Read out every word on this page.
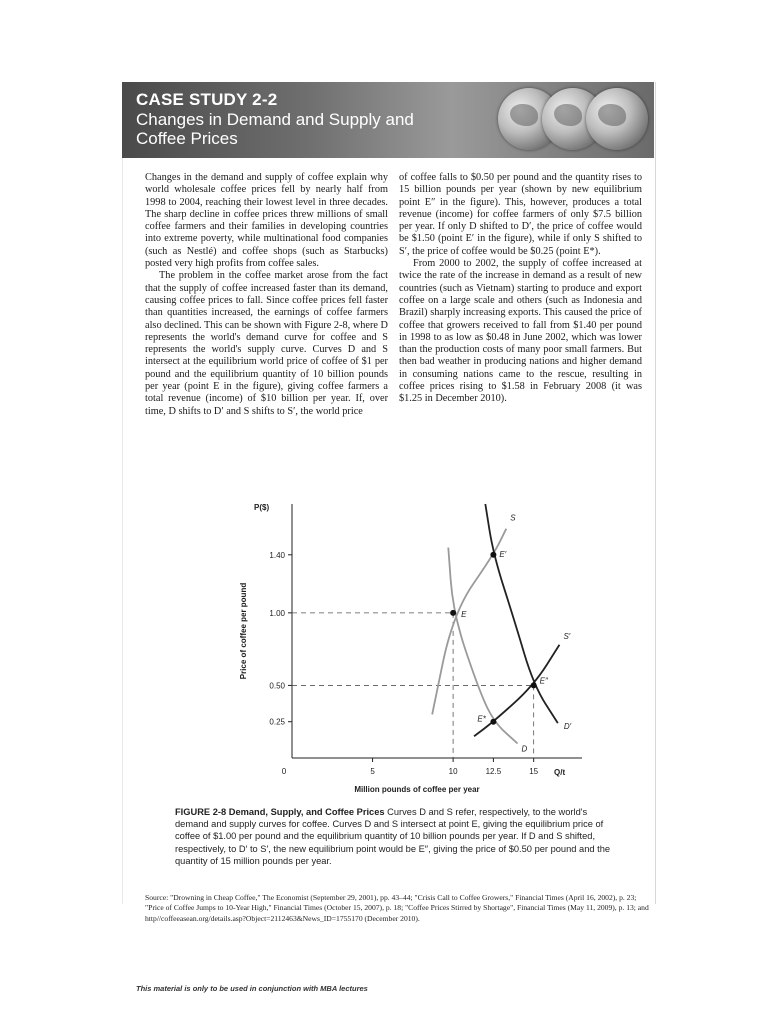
CASE STUDY 2-2
Changes in Demand and Supply and
Coffee Prices

Changes in the demand and supply of coffee explain why world wholesale coffee prices fell by nearly half from 1998 to 2004, reaching their lowest level in three decades. The sharp decline in coffee prices threw millions of small coffee farmers and their families in developing countries into extreme poverty, while multinational food companies (such as Nestlé) and coffee shops (such as Starbucks) posted very high profits from coffee sales.

The problem in the coffee market arose from the fact that the supply of coffee increased faster than its demand, causing coffee prices to fall. Since coffee prices fell faster than quantities increased, the earnings of coffee farmers also declined. This can be shown with Figure 2-8, where D represents the world's demand curve for coffee and S represents the world's supply curve. Curves D and S intersect at the equilibrium world price of coffee of $1 per pound and the equilibrium quantity of 10 billion pounds per year (point E in the figure), giving coffee farmers a total revenue (income) of $10 billion per year. If, over time, D shifts to D′ and S shifts to S′, the world price

of coffee falls to $0.50 per pound and the quantity rises to 15 billion pounds per year (shown by new equilibrium point E″ in the figure). This, however, produces a total revenue (income) for coffee farmers of only $7.5 billion per year. If only D shifted to D′, the price of coffee would be $1.50 (point E′ in the figure), while if only S shifted to S′, the price of coffee would be $0.25 (point E*).

From 2000 to 2002, the supply of coffee increased at twice the rate of the increase in demand as a result of new countries (such as Vietnam) starting to produce and export coffee on a large scale and others (such as Indonesia and Brazil) sharply increasing exports. This caused the price of coffee that growers received to fall from $1.40 per pound in 1998 to as low as $0.48 in June 2002, which was lower than the production costs of many poor small farmers. But then bad weather in producing nations and higher demand in consuming nations came to the rescue, resulting in coffee prices rising to $1.58 in February 2008 (it was $1.25 in December 2010).

S
D
S′
D′
1.40
1.00
0.50
0.25
0	5	10	12.5	15
E
E′
E″
E*
P($)
Q/t
Million pounds of coffee per year
Price of coffee per pound
FIGURE 2-8 Demand, Supply, and Coffee Prices Curves D and S refer, respectively, to the world's demand and supply curves for coffee. Curves D and S intersect at point E, giving the equilibrium price of coffee of $1.00 per pound and the equilibrium quantity of 10 billion pounds per year. If D and S shifted, respectively, to D′ to S′, the new equilibrium point would be E″, giving the price of $0.50 per pound and the quantity of 15 million pounds per year.
Source: "Drowning in Cheap Coffee," The Economist (September 29, 2001), pp. 43–44; "Crisis Call to Coffee Growers," Financial Times (April 16, 2002), p. 23; "Price of Coffee Jumps to 10-Year High," Financial Times (October 15, 2007), p. 18; "Coffee Prices Stirred by Shortage", Financial Times (May 11, 2009), p. 13; and http//coffeeasean.org/details.asp?Object=2112463&News_ID=1755170 (December 2010).
This material is only to be used in conjunction with MBA lectures
